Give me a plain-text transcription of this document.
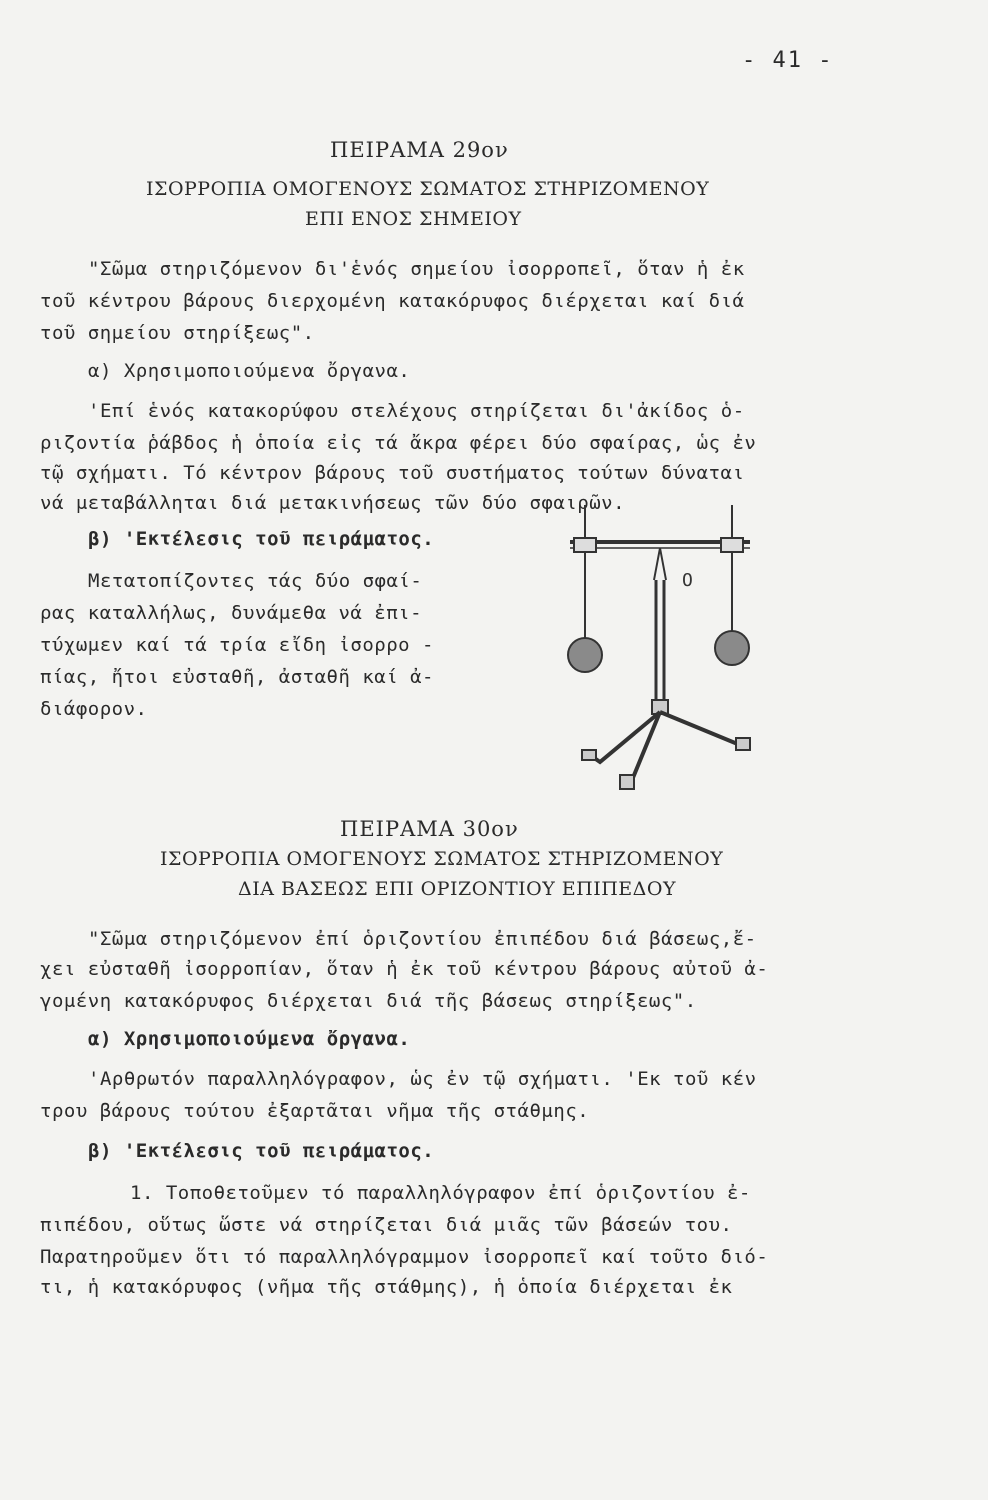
- 41 -
ΠΕΙΡΑΜΑ 29ον
ΙΣΟΡΡΟΠΙΑ ΟΜΟΓΕΝΟΥΣ ΣΩΜΑΤΟΣ ΣΤΗΡΙΖΟΜΕΝΟΥ
ΕΠΙ ΕΝΟΣ ΣΗΜΕΙΟΥ
"Σῶμα στηριζόμενον δι'ἑνός σημείου ἰσορροπεῖ, ὅταν ἡ ἐκ
τοῦ κέντρου βάρους διερχομένη κατακόρυφος διέρχεται καί διά
τοῦ σημείου στηρίξεως".
α) Χρησιμοποιούμενα ὄργανα.
'Επί ἑνός κατακορύφου στελέχους στηρίζεται δι'ἀκίδος ὁ-
ριζοντία ῥάβδος ἡ ὁποία εἰς τά ἄκρα φέρει δύο σφαίρας, ὡς ἐν
τῷ σχήματι. Τό κέντρον βάρους τοῦ συστήματος τούτων δύναται
νά μεταβάλληται διά μετακινήσεως τῶν δύο σφαιρῶν.
β) 'Εκτέλεσις τοῦ πειράματος.
Μετατοπίζοντες τάς δύο σφαί-
ρας καταλλήλως, δυνάμεθα νά ἐπι-
τύχωμεν καί τά τρία εἴδη ἰσορρο -
πίας, ἤτοι εὐσταθῆ, ἀσταθῆ καί ἀ-
διάφορον.
O
ΠΕΙΡΑΜΑ 30ον
ΙΣΟΡΡΟΠΙΑ ΟΜΟΓΕΝΟΥΣ ΣΩΜΑΤΟΣ ΣΤΗΡΙΖΟΜΕΝΟΥ
ΔΙΑ ΒΑΣΕΩΣ ΕΠΙ ΟΡΙΖΟΝΤΙΟΥ ΕΠΙΠΕΔΟΥ
"Σῶμα στηριζόμενον ἐπί ὁριζοντίου ἐπιπέδου διά βάσεως,ἔ-
χει εὐσταθῆ ἰσορροπίαν, ὅταν ἡ ἐκ τοῦ κέντρου βάρους αὐτοῦ ἀ-
γομένη κατακόρυφος διέρχεται διά τῆς βάσεως στηρίξεως".
α) Χρησιμοποιούμενα ὄργανα.
'Αρθρωτόν παραλληλόγραφον, ὡς ἐν τῷ σχήματι. 'Εκ τοῦ κέν
τρου βάρους τούτου ἐξαρτᾶται νῆμα τῆς στάθμης.
β) 'Εκτέλεσις τοῦ πειράματος.
1. Τοποθετοῦμεν τό παραλληλόγραφον ἐπί ὁριζοντίου ἐ-
πιπέδου, οὕτως ὥστε νά στηρίζεται διά μιᾶς τῶν βάσεών του.
Παρατηροῦμεν ὅτι τό παραλληλόγραμμον ἰσορροπεῖ καί τοῦτο διό-
τι, ἡ κατακόρυφος (νῆμα τῆς στάθμης), ἡ ὁποία διέρχεται ἐκ
